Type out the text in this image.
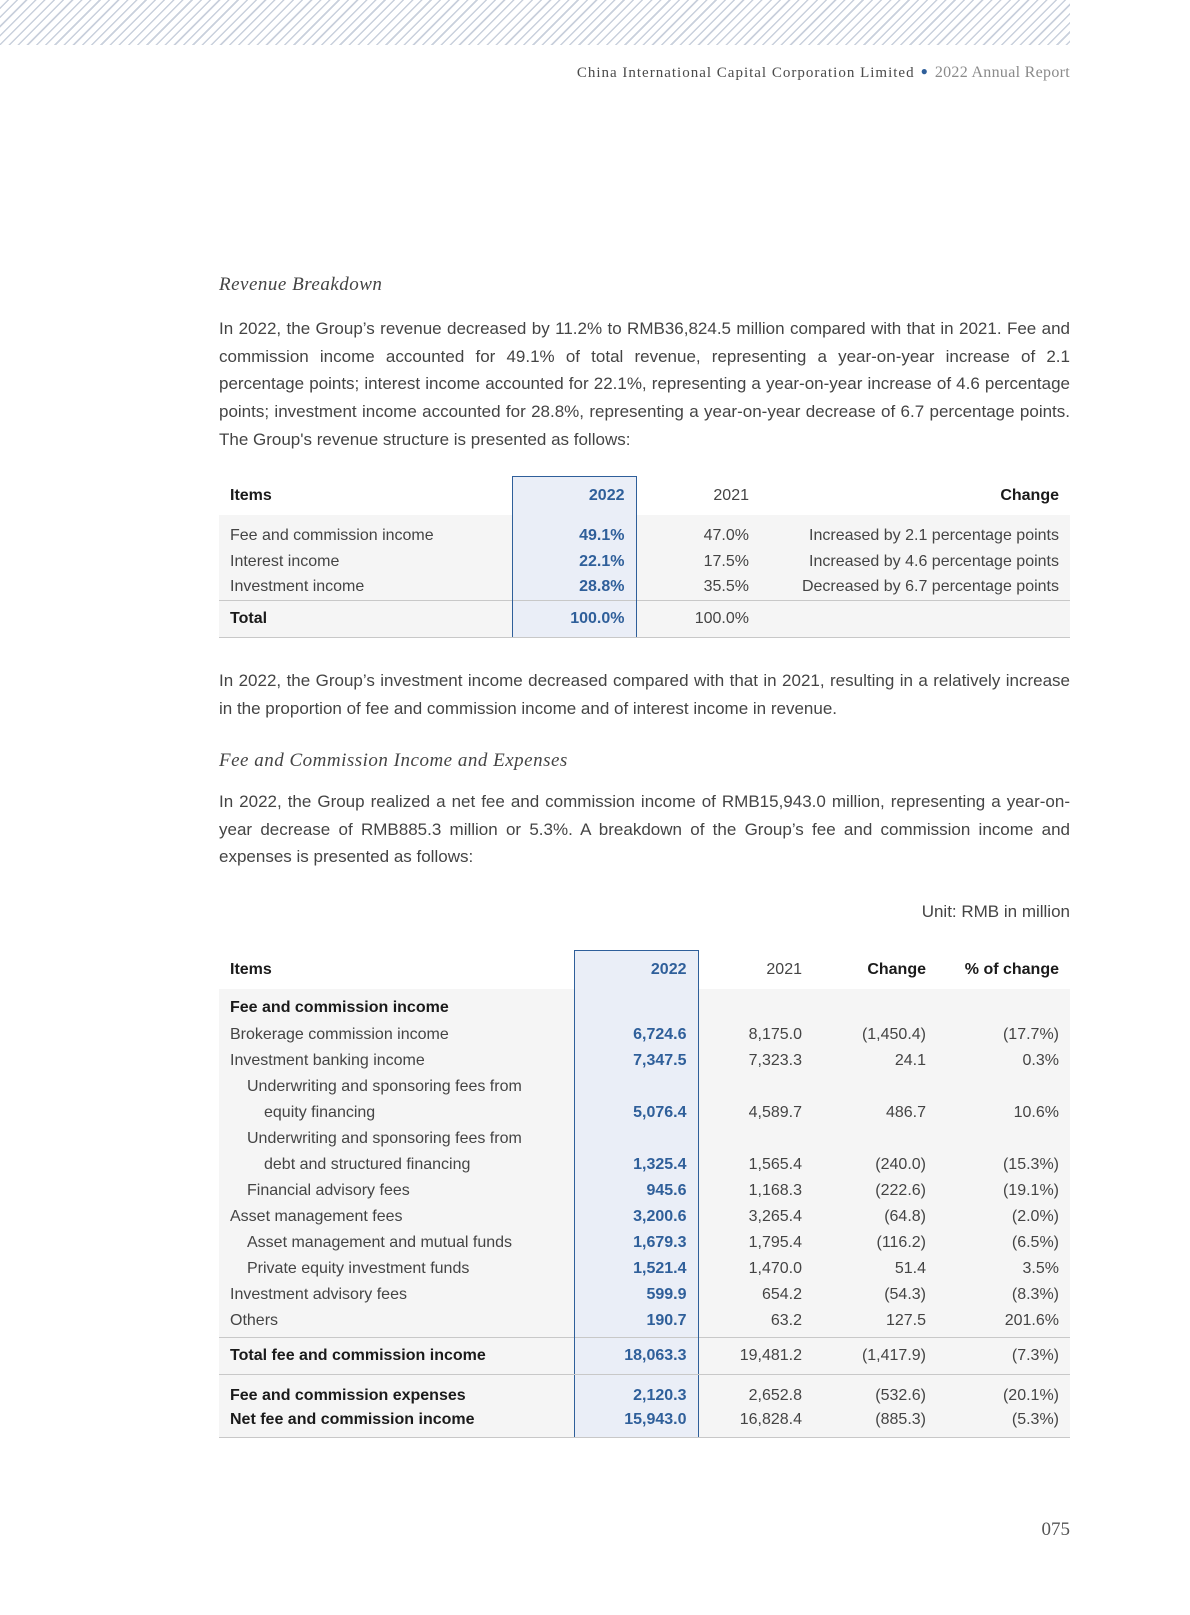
China International Capital Corporation Limited ● 2022 Annual Report
Revenue Breakdown
In 2022, the Group’s revenue decreased by 11.2% to RMB36,824.5 million compared with that in 2021. Fee and commission income accounted for 49.1% of total revenue, representing a year-on-year increase of 2.1 percentage points; interest income accounted for 22.1%, representing a year-on-year increase of 4.6 percentage points; investment income accounted for 28.8%, representing a year-on-year decrease of 6.7 percentage points. The Group's revenue structure is presented as follows:
Items	2022	2021	Change

Fee and commission income	49.1%	47.0%	Increased by 2.1 percentage points
Interest income	22.1%	17.5%	Increased by 4.6 percentage points
Investment income	28.8%	35.5%	Decreased by 6.7 percentage points
Total	100.0%	100.0%	
In 2022, the Group’s investment income decreased compared with that in 2021, resulting in a relatively increase in the proportion of fee and commission income and of interest income in revenue.
Fee and Commission Income and Expenses
In 2022, the Group realized a net fee and commission income of RMB15,943.0 million, representing a year-on-year decrease of RMB885.3 million or 5.3%. A breakdown of the Group’s fee and commission income and expenses is presented as follows:
Unit: RMB in million
Items	2022	2021	Change	% of change
Fee and commission income				
Brokerage commission income	6,724.6	8,175.0	(1,450.4)	(17.7%)
Investment banking income	7,347.5	7,323.3	24.1	0.3%
Underwriting and sponsoring fees from				
equity financing	5,076.4	4,589.7	486.7	10.6%
Underwriting and sponsoring fees from				
debt and structured financing	1,325.4	1,565.4	(240.0)	(15.3%)
Financial advisory fees	945.6	1,168.3	(222.6)	(19.1%)
Asset management fees	3,200.6	3,265.4	(64.8)	(2.0%)
Asset management and mutual funds	1,679.3	1,795.4	(116.2)	(6.5%)
Private equity investment funds	1,521.4	1,470.0	51.4	3.5%
Investment advisory fees	599.9	654.2	(54.3)	(8.3%)
Others	190.7	63.2	127.5	201.6%

Total fee and commission income	18,063.3	19,481.2	(1,417.9)	(7.3%)
Fee and commission expenses	2,120.3	2,652.8	(532.6)	(20.1%)
Net fee and commission income	15,943.0	16,828.4	(885.3)	(5.3%)
075
